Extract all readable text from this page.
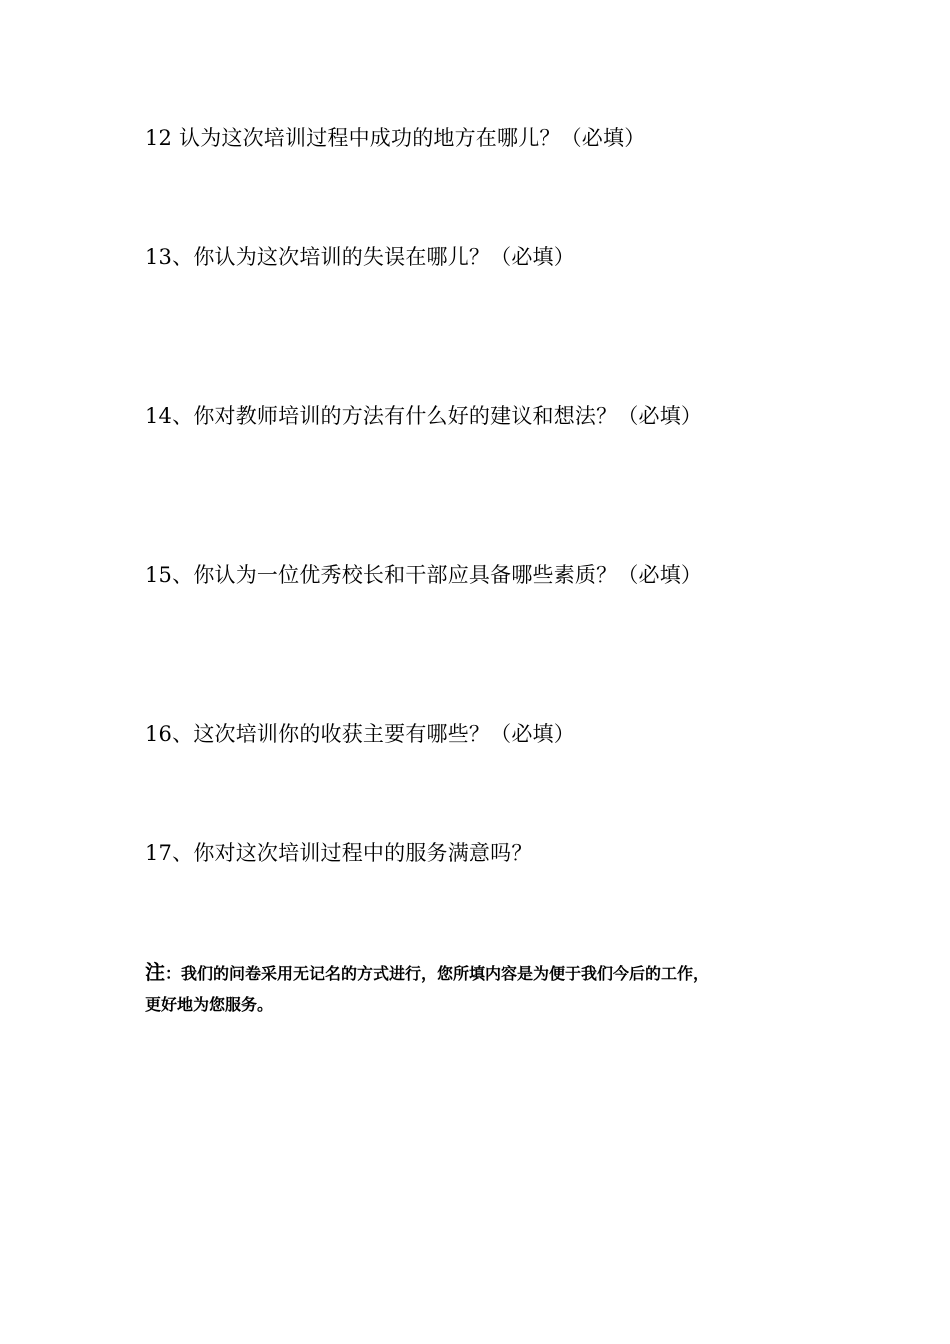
12 认为这次培训过程中成功的地方在哪儿？（必填）
13、你认为这次培训的失误在哪儿？（必填）
14、你对教师培训的方法有什么好的建议和想法？（必填）
15、你认为一位优秀校长和干部应具备哪些素质？（必填）
16、这次培训你的收获主要有哪些？（必填）
17、你对这次培训过程中的服务满意吗？
注：我们的问卷采用无记名的方式进行，您所填内容是为便于我们今后的工作，
更好地为您服务。
